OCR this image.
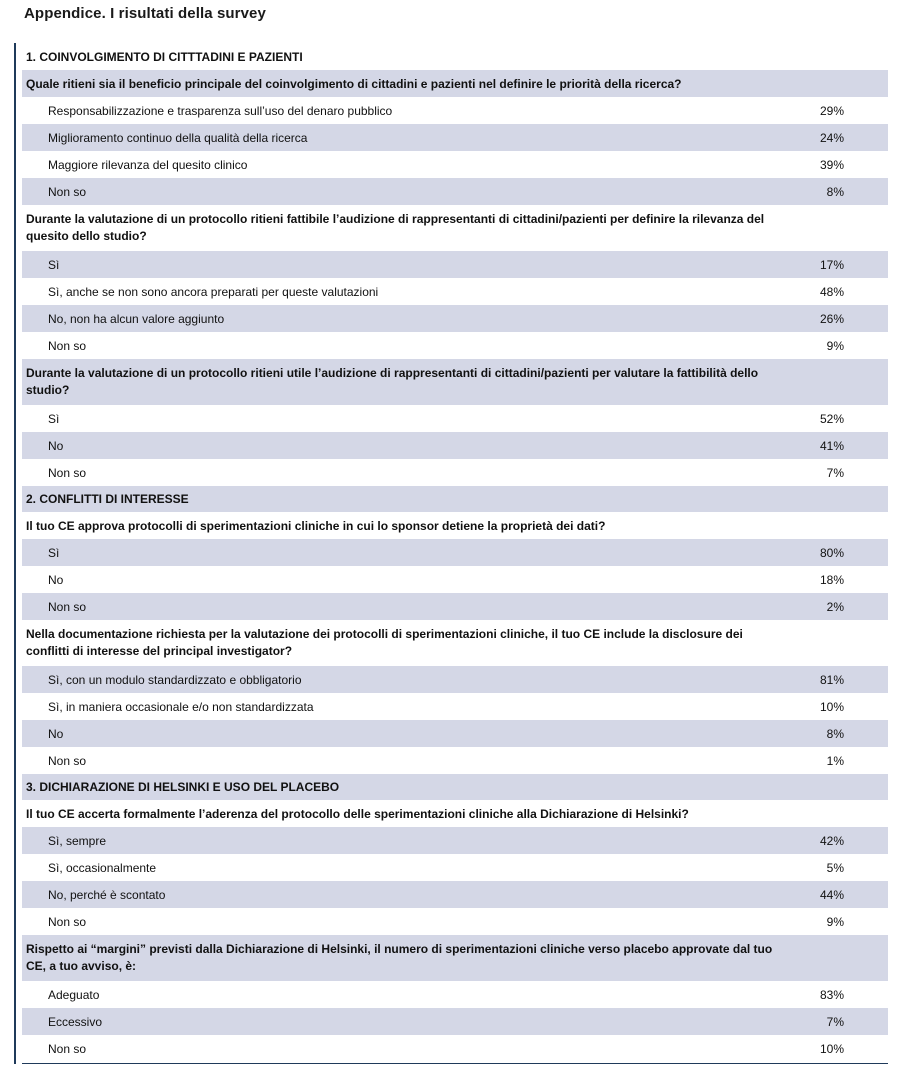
Appendice. I risultati della survey
1. COINVOLGIMENTO DI CITTTADINI E PAZIENTI
Quale ritieni sia il beneficio principale del coinvolgimento di cittadini e pazienti nel definire le priorità della ricerca?
Responsabilizzazione e trasparenza sull’uso del denaro pubblico	29%
Miglioramento continuo della qualità della ricerca	24%
Maggiore rilevanza del quesito clinico	39%
Non so	8%
Durante la valutazione di un protocollo ritieni fattibile l’audizione di rappresentanti di cittadini/pazienti per definire la rilevanza del quesito dello studio?
Sì	17%
Sì, anche se non sono ancora preparati per queste valutazioni	48%
No, non ha alcun valore aggiunto	26%
Non so	9%
Durante la valutazione di un protocollo ritieni utile l’audizione di rappresentanti di cittadini/pazienti per valutare la fattibilità dello studio?
Sì	52%
No	41%
Non so	7%
2. CONFLITTI DI INTERESSE
Il tuo CE approva protocolli di sperimentazioni cliniche in cui lo sponsor detiene la proprietà dei dati?
Sì	80%
No	18%
Non so	2%
Nella documentazione richiesta per la valutazione dei protocolli di sperimentazioni cliniche, il tuo CE include la disclosure dei conflitti di interesse del principal investigator?
Sì, con un modulo standardizzato e obbligatorio	81%
Sì, in maniera occasionale e/o non standardizzata	10%
No	8%
Non so	1%
3. DICHIARAZIONE DI HELSINKI E USO DEL PLACEBO
Il tuo CE accerta formalmente l’aderenza del protocollo delle sperimentazioni cliniche alla Dichiarazione di Helsinki?
Sì, sempre	42%
Sì, occasionalmente	5%
No, perché è scontato	44%
Non so	9%
Rispetto ai “margini” previsti dalla Dichiarazione di Helsinki, il numero di sperimentazioni cliniche verso placebo approvate dal tuo CE, a tuo avviso, è:
Adeguato	83%
Eccessivo	7%
Non so	10%
